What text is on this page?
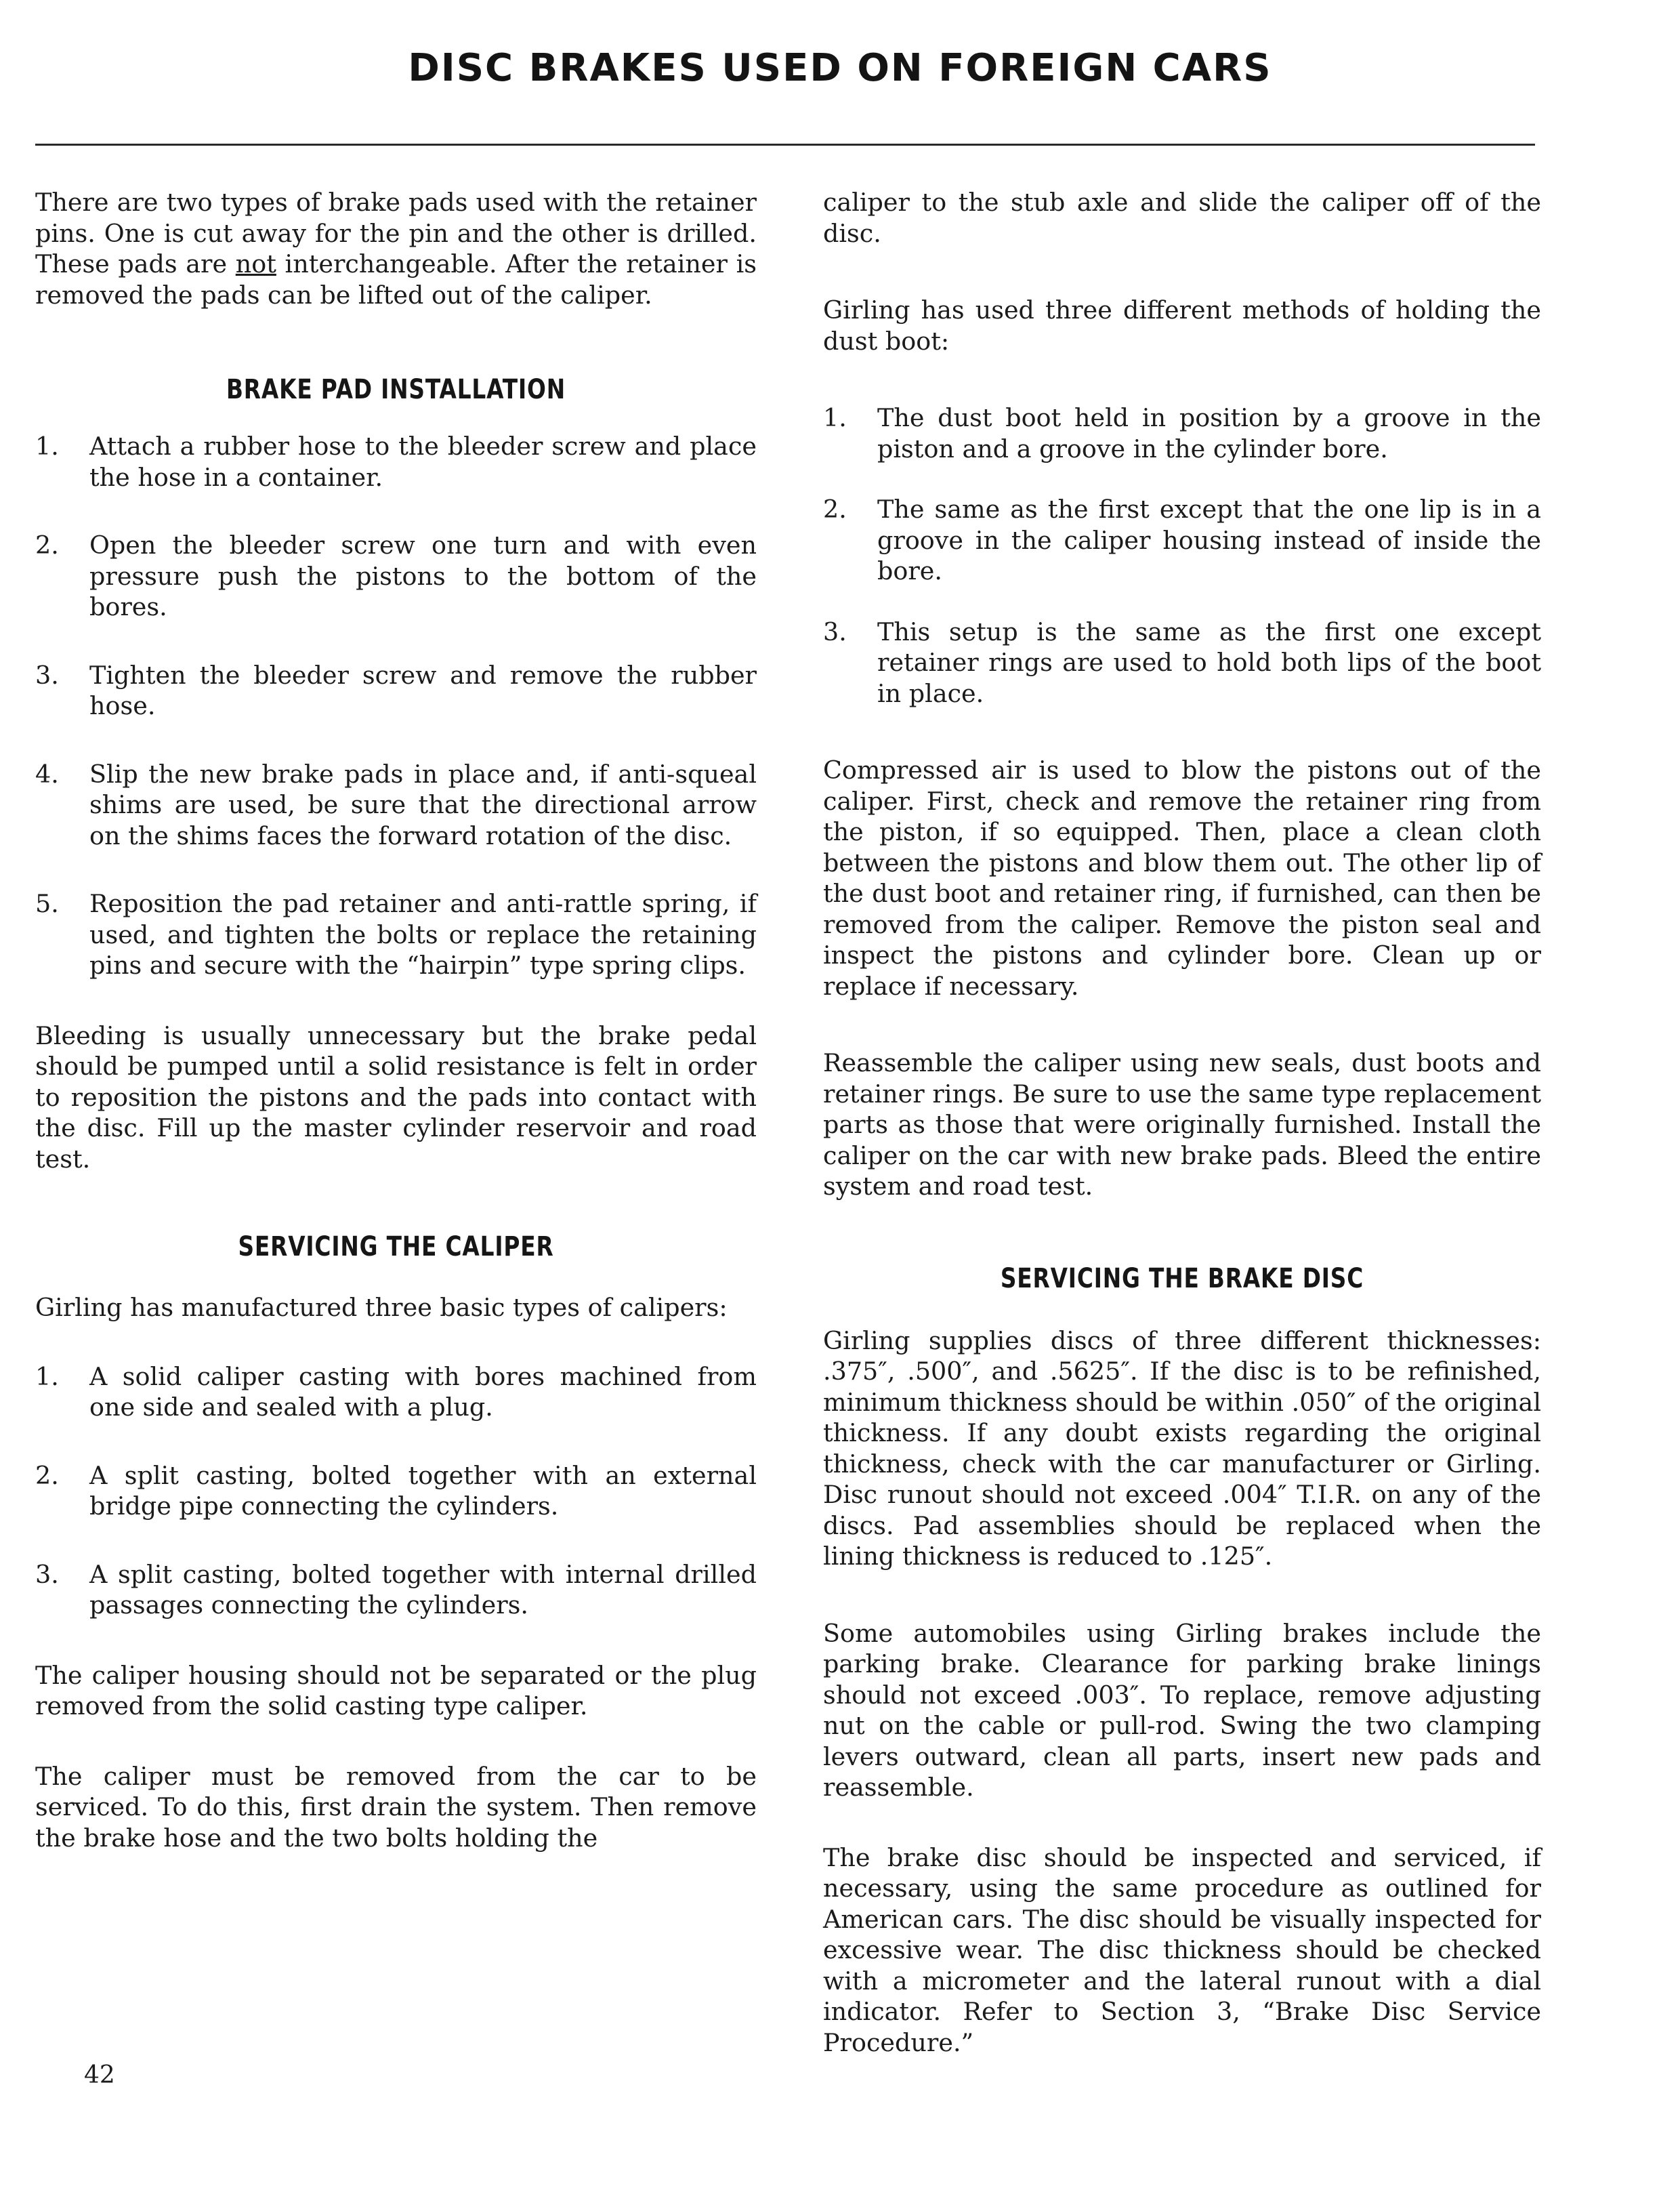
DISC BRAKES USED ON FOREIGN CARS

There are two types of brake pads used with the retainer pins. One is cut away for the pin and the other is drilled. These pads are not interchangeable. After the retainer is removed the pads can be lifted out of the caliper.

BRAKE PAD INSTALLATION
1. Attach a rubber hose to the bleeder screw and place the hose in a container.
2. Open the bleeder screw one turn and with even pressure push the pistons to the bottom of the bores.
3. Tighten the bleeder screw and remove the rubber hose.
4. Slip the new brake pads in place and, if anti-squeal shims are used, be sure that the directional arrow on the shims faces the forward rotation of the disc.
5. Reposition the pad retainer and anti-rattle spring, if used, and tighten the bolts or replace the retaining pins and secure with the “hairpin” type spring clips.

Bleeding is usually unnecessary but the brake pedal should be pumped until a solid resistance is felt in order to reposition the pistons and the pads into contact with the disc. Fill up the master cylinder reservoir and road test.

SERVICING THE CALIPER

Girling has manufactured three basic types of calipers:

1. A solid caliper casting with bores machined from one side and sealed with a plug.
2. A split casting, bolted together with an external bridge pipe connecting the cylinders.
3. A split casting, bolted together with internal drilled passages connecting the cylinders.

The caliper housing should not be separated or the plug removed from the solid casting type caliper.

The caliper must be removed from the car to be serviced. To do this, first drain the system. Then remove the brake hose and the two bolts holding the

caliper to the stub axle and slide the caliper off of the disc.

Girling has used three different methods of holding the dust boot:

1. The dust boot held in position by a groove in the piston and a groove in the cylinder bore.
2. The same as the first except that the one lip is in a groove in the caliper housing instead of inside the bore.
3. This setup is the same as the first one except retainer rings are used to hold both lips of the boot in place.

Compressed air is used to blow the pistons out of the caliper. First, check and remove the retainer ring from the piston, if so equipped. Then, place a clean cloth between the pistons and blow them out. The other lip of the dust boot and retainer ring, if furnished, can then be removed from the caliper. Remove the piston seal and inspect the pistons and cylinder bore. Clean up or replace if necessary.

Reassemble the caliper using new seals, dust boots and retainer rings. Be sure to use the same type replacement parts as those that were originally furnished. Install the caliper on the car with new brake pads. Bleed the entire system and road test.

SERVICING THE BRAKE DISC

Girling supplies discs of three different thicknesses: .375″, .500″, and .5625″. If the disc is to be refinished, minimum thickness should be within .050″ of the original thickness. If any doubt exists regarding the original thickness, check with the car manufacturer or Girling. Disc runout should not exceed .004″ T.I.R. on any of the discs. Pad assemblies should be replaced when the lining thickness is reduced to .125″.

Some automobiles using Girling brakes include the parking brake. Clearance for parking brake linings should not exceed .003″. To replace, remove adjusting nut on the cable or pull-rod. Swing the two clamping levers outward, clean all parts, insert new pads and reassemble.

The brake disc should be inspected and serviced, if necessary, using the same procedure as outlined for American cars. The disc should be visually inspected for excessive wear. The disc thickness should be checked with a micrometer and the lateral runout with a dial indicator. Refer to Section 3, “Brake Disc Service Procedure.”

42
